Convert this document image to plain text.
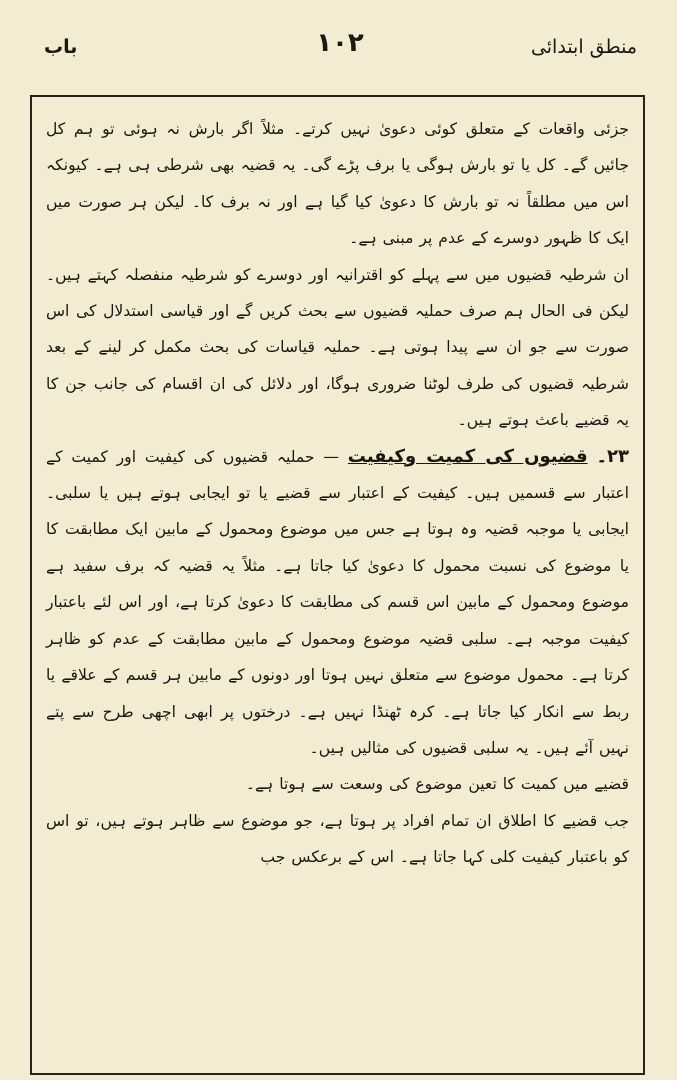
باب	۱۰۲	منطق ابتدائی

جزئی واقعات کے متعلق کوئی دعویٰ نہیں کرتے۔ مثلاً اگر بارش نہ ہوئی تو ہم کل جائیں گے۔ کل یا تو بارش ہوگی یا برف پڑے گی۔ یہ قضیہ بھی شرطی ہی ہے۔ کیونکہ اس میں مطلقاً نہ تو بارش کا دعویٰ کیا گیا ہے اور نہ برف کا۔ لیکن ہر صورت میں ایک کا ظہور دوسرے کے عدم پر مبنی ہے۔

ان شرطیہ قضیوں میں سے پہلے کو اقترانیہ اور دوسرے کو شرطیہ منفصلہ کہتے ہیں۔ لیکن فی الحال ہم صرف حملیہ قضیوں سے بحث کریں گے اور قیاسی استدلال کی اس صورت سے جو ان سے پیدا ہوتی ہے۔ حملیہ قیاسات کی بحث مکمل کر لینے کے بعد شرطیہ قضیوں کی طرف لوٹنا ضروری ہوگا، اور دلائل کی ان اقسام کی جانب جن کا یہ قضیے باعث ہوتے ہیں۔

۲۳۔ قضیوں کی کمیت وکیفیت — حملیہ قضیوں کی کیفیت اور کمیت کے اعتبار سے قسمیں ہیں۔ کیفیت کے اعتبار سے قضیے یا تو ایجابی ہوتے ہیں یا سلبی۔ ایجابی یا موجبہ قضیہ وہ ہوتا ہے جس میں موضوع ومحمول کے مابین ایک مطابقت کا یا موضوع کی نسبت محمول کا دعویٰ کیا جاتا ہے۔ مثلاً یہ قضیہ کہ برف سفید ہے موضوع ومحمول کے مابین اس قسم کی مطابقت کا دعویٰ کرتا ہے، اور اس لئے باعتبار کیفیت موجبہ ہے۔ سلبی قضیہ موضوع ومحمول کے مابین مطابقت کے عدم کو ظاہر کرتا ہے۔ محمول موضوع سے متعلق نہیں ہوتا اور دونوں کے مابین ہر قسم کے علاقے یا ربط سے انکار کیا جاتا ہے۔ کرہ ٹھنڈا نہیں ہے۔ درختوں پر ابھی اچھی طرح سے پتے نہیں آئے ہیں۔ یہ سلبی قضیوں کی مثالیں ہیں۔

قضیے میں کمیت کا تعین موضوع کی وسعت سے ہوتا ہے۔

جب قضیے کا اطلاق ان تمام افراد پر ہوتا ہے، جو موضوع سے ظاہر ہوتے ہیں، تو اس کو باعتبار کیفیت کلی کہا جاتا ہے۔ اس کے برعکس جب
